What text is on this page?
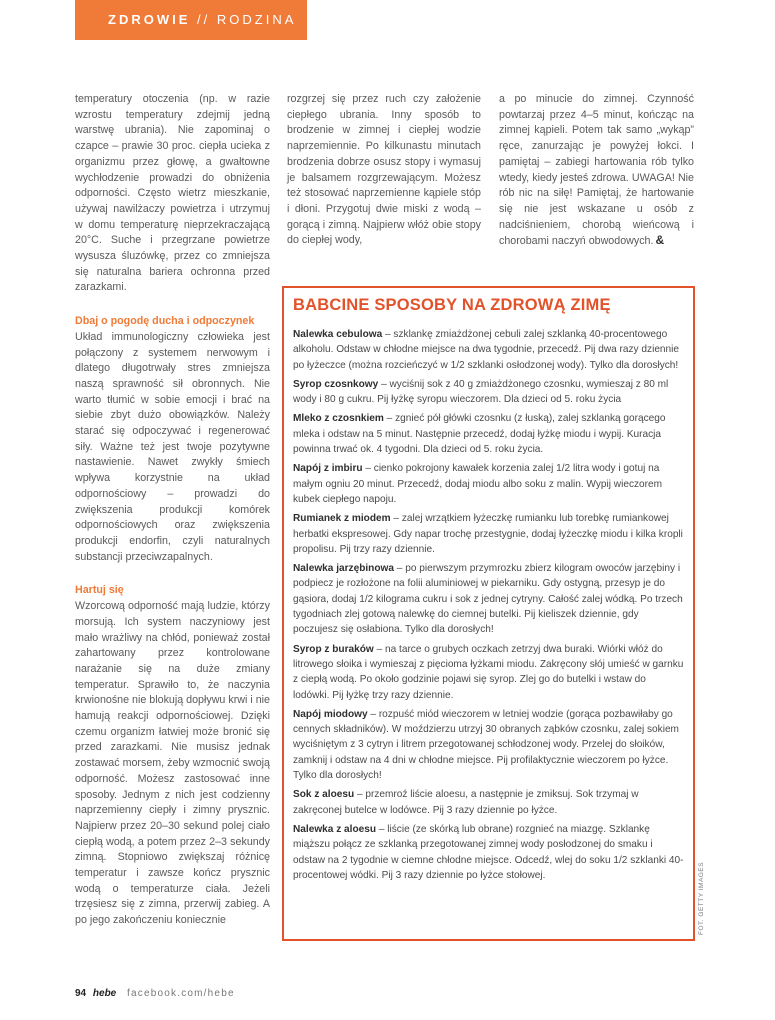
ZDROWIE // RODZINA

temperatury otoczenia (np. w razie wzrostu temperatury zdejmij jedną warstwę ubrania). Nie zapominaj o czapce – prawie 30 proc. ciepła ucieka z organizmu przez głowę, a gwałtowne wychłodzenie prowadzi do obniżenia odporności. Często wietrz mieszkanie, używaj nawilżaczy powietrza i utrzymuj w domu temperaturę nieprzekraczającą 20°C. Suche i przegrzane powietrze wysusza śluzówkę, przez co zmniejsza się naturalna bariera ochronna przed zarazkami.

Dbaj o pogodę ducha i odpoczynek

Układ immunologiczny człowieka jest połączony z systemem nerwowym i dlatego długotrwały stres zmniejsza naszą sprawność sił obronnych. Nie warto tłumić w sobie emocji i brać na siebie zbyt dużo obowiązków. Należy starać się odpoczywać i regenerować siły. Ważne też jest twoje pozytywne nastawienie. Nawet zwykły śmiech wpływa korzystnie na układ odpornościowy – prowadzi do zwiększenia produkcji komórek odpornościowych oraz zwiększenia produkcji endorfin, czyli naturalnych substancji przeciwzapalnych.

Hartuj się

Wzorcową odporność mają ludzie, którzy morsują. Ich system naczyniowy jest mało wrażliwy na chłód, ponieważ został zahartowany przez kontrolowane narażanie się na duże zmiany temperatur. Sprawiło to, że naczynia krwionośne nie blokują dopływu krwi i nie hamują reakcji odpornościowej. Dzięki czemu organizm łatwiej może bronić się przed zarazkami. Nie musisz jednak zostawać morsem, żeby wzmocnić swoją odporność. Możesz zastosować inne sposoby. Jednym z nich jest codzienny naprzemienny ciepły i zimny prysznic. Najpierw przez 20–30 sekund polej ciało ciepłą wodą, a potem przez 2–3 sekundy zimną. Stopniowo zwiększaj różnicę temperatur i zawsze kończ prysznic wodą o temperaturze ciała. Jeżeli trzęsiesz się z zimna, przerwij zabieg. A po jego zakończeniu koniecznie

rozgrzej się przez ruch czy założenie ciepłego ubrania. Inny sposób to brodzenie w zimnej i ciepłej wodzie naprzemiennie. Po kilkunastu minutach brodzenia dobrze osusz stopy i wymasuj je balsamem rozgrzewającym. Możesz też stosować naprzemienne kąpiele stóp i dłoni. Przygotuj dwie miski z wodą – gorącą i zimną. Najpierw włóż obie stopy do ciepłej wody,

a po minucie do zimnej. Czynność powtarzaj przez 4–5 minut, kończąc na zimnej kąpieli. Potem tak samo „wykąp” ręce, zanurzając je powyżej łokci. I pamiętaj – zabiegi hartowania rób tylko wtedy, kiedy jesteś zdrowa. UWAGA! Nie rób nic na siłę! Pamiętaj, że hartowanie się nie jest wskazane u osób z nadciśnieniem, chorobą wieńcową i chorobami naczyń obwodowych. &

BABCINE SPOSOBY NA ZDROWĄ ZIMĘ

Nalewka cebulowa – szklankę zmiażdżonej cebuli zalej szklanką 40-procentowego alkoholu. Odstaw w chłodne miejsce na dwa tygodnie, przecedź. Pij dwa razy dziennie po łyżeczce (można rozcieńczyć w 1/2 szklanki osłodzonej wody). Tylko dla dorosłych!

Syrop czosnkowy – wyciśnij sok z 40 g zmiażdżonego czosnku, wymieszaj z 80 ml wody i 80 g cukru. Pij łyżkę syropu wieczorem. Dla dzieci od 5. roku życia

Mleko z czosnkiem – zgnieć pół główki czosnku (z łuską), zalej szklanką gorącego mleka i odstaw na 5 minut. Następnie przecedź, dodaj łyżkę miodu i wypij. Kuracja powinna trwać ok. 4 tygodni. Dla dzieci od 5. roku życia.

Napój z imbiru – cienko pokrojony kawałek korzenia zalej 1/2 litra wody i gotuj na małym ogniu 20 minut. Przecedź, dodaj miodu albo soku z malin. Wypij wieczorem kubek ciepłego napoju.

Rumianek z miodem – zalej wrzątkiem łyżeczkę rumianku lub torebkę rumiankowej herbatki ekspresowej. Gdy napar trochę przestygnie, dodaj łyżeczkę miodu i kilka kropli propolisu. Pij trzy razy dziennie.

Nalewka jarzębinowa – po pierwszym przymrozku zbierz kilogram owoców jarzębiny i podpiecz je rozłożone na folii aluminiowej w piekarniku. Gdy ostygną, przesyp je do gąsiora, dodaj 1/2 kilograma cukru i sok z jednej cytryny. Całość zalej wódką. Po trzech tygodniach zlej gotową nalewkę do ciemnej butelki. Pij kieliszek dziennie, gdy poczujesz się osłabiona. Tylko dla dorosłych!

Syrop z buraków – na tarce o grubych oczkach zetrzyj dwa buraki. Wiórki włóż do litrowego słoika i wymieszaj z pięcioma łyżkami miodu. Zakręcony słój umieść w garnku z ciepłą wodą. Po około godzinie pojawi się syrop. Zlej go do butelki i wstaw do lodówki. Pij łyżkę trzy razy dziennie.

Napój miodowy – rozpuść miód wieczorem w letniej wodzie (gorąca pozbawiłaby go cennych składników). W moździerzu utrzyj 30 obranych ząbków czosnku, zalej sokiem wyciśniętym z 3 cytryn i litrem przegotowanej schłodzonej wody. Przelej do słoików, zamknij i odstaw na 4 dni w chłodne miejsce. Pij profilaktycznie wieczorem po łyżce. Tylko dla dorosłych!

Sok z aloesu – przemroź liście aloesu, a następnie je zmiksuj. Sok trzymaj w zakręconej butelce w lodówce. Pij 3 razy dziennie po łyżce.

Nalewka z aloesu – liście (ze skórką lub obrane) rozgnieć na miazgę. Szklankę miąższu połącz ze szklanką przegotowanej zimnej wody posłodzonej do smaku i odstaw na 2 tygodnie w ciemne chłodne miejsce. Odcedź, wlej do soku 1/2 szklanki 40-procentowej wódki. Pij 3 razy dziennie po łyżce stołowej.	FOT. GETTY IMAGES
94 hebe facebook.com/hebe
